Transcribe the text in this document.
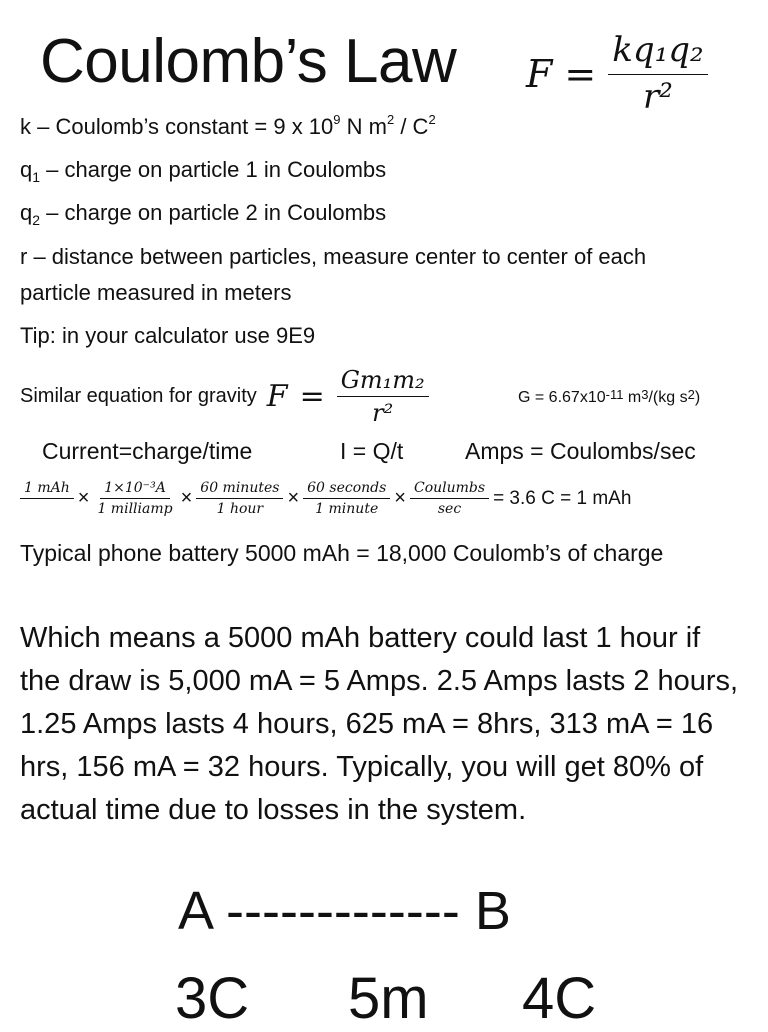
Coulomb’s Law $F = \frac{\text{kq₁q₂}}{\text{r²}}$
k – Coulomb’s constant = 9 x $10^9$ N $m^2 / C^2$
$q_1$ – charge on particle 1 in Coulombs
$q_2$ – charge on particle 2 in Coulombs
r – distance between particles, measure center to center of each
particle measured in meters
Tip: in your calculator use 9E9
Similar equation for gravity $F = \frac{\text{Gm₁m₂}}{\text{r²}}$	$G = 6.67x10^{-11}$ $m^3/(kg$ $s^2$)
Current=charge/time	I = Q/t	Amps = Coulombs/sec
1 mAh
× $\frac{\text{1×10⁻³A}}{\text{1 milliamp}} \times \frac{\text{60 minutes}}{\text{1 hour}} \times \frac{\text{60 seconds}}{\text{1 minute}} \times \frac{\text{Coulumbs}}{\sec} = 3.6$ C = 1 mAh
Typical phone battery 5000 mAh = 18,000 Coulomb’s of charge
Which means a 5000 mAh battery could last 1 hour if the draw is 5,000 mA = 5 Amps. 2.5 Amps lasts 2 hours, 1.25 Amps lasts 4 hours, 625 mA = 8hrs, 313 mA = 16 hrs, 156 mA = 32 hours. Typically, you will get 80% of actual time due to losses in the system.
A ------------- B
3C 5m 4C
